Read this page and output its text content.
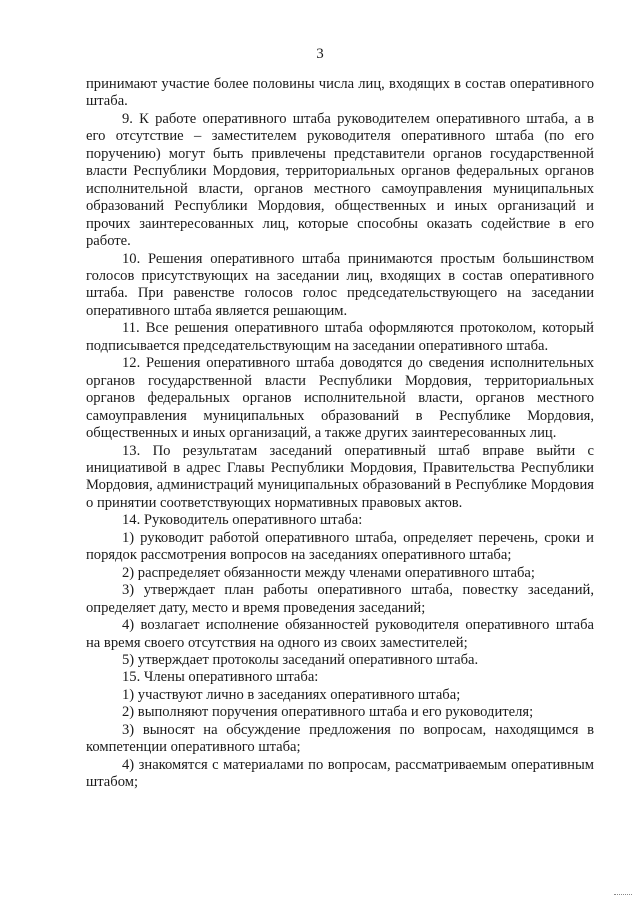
3

принимают участие более половины числа лиц, входящих в состав оперативного штаба.

9. К работе оперативного штаба руководителем оперативного штаба, а в его отсутствие – заместителем руководителя оперативного штаба (по его поручению) могут быть привлечены представители органов государственной власти Республики Мордовия, территориальных органов федеральных органов исполнительной власти, органов местного самоуправления муниципальных образований Республики Мордовия, общественных и иных организаций и прочих заинтересованных лиц, которые способны оказать содействие в его работе.

10. Решения оперативного штаба принимаются простым большинством голосов присутствующих на заседании лиц, входящих в состав оперативного штаба. При равенстве голосов голос председательствующего на заседании оперативного штаба является решающим.

11. Все решения оперативного штаба оформляются протоколом, который подписывается председательствующим на заседании оперативного штаба.

12. Решения оперативного штаба доводятся до сведения исполнительных органов государственной власти Республики Мордовия, территориальных органов федеральных органов исполнительной власти, органов местного самоуправления муниципальных образований в Республике Мордовия, общественных и иных организаций, а также других заинтересованных лиц.

13. По результатам заседаний оперативный штаб вправе выйти с инициативой в адрес Главы Республики Мордовия, Правительства Республики Мордовия, администраций муниципальных образований в Республике Мордовия о принятии соответствующих нормативных правовых актов.

14. Руководитель оперативного штаба:

1) руководит работой оперативного штаба, определяет перечень, сроки и порядок рассмотрения вопросов на заседаниях оперативного штаба;

2) распределяет обязанности между членами оперативного штаба;

3) утверждает план работы оперативного штаба, повестку заседаний, определяет дату, место и время проведения заседаний;

4) возлагает исполнение обязанностей руководителя оперативного штаба на время своего отсутствия на одного из своих заместителей;

5) утверждает протоколы заседаний оперативного штаба.

15. Члены оперативного штаба:

1) участвуют лично в заседаниях оперативного штаба;

2) выполняют поручения оперативного штаба и его руководителя;

3) выносят на обсуждение предложения по вопросам, находящимся в компетенции оперативного штаба;

4) знакомятся с материалами по вопросам, рассматриваемым оперативным штабом;
